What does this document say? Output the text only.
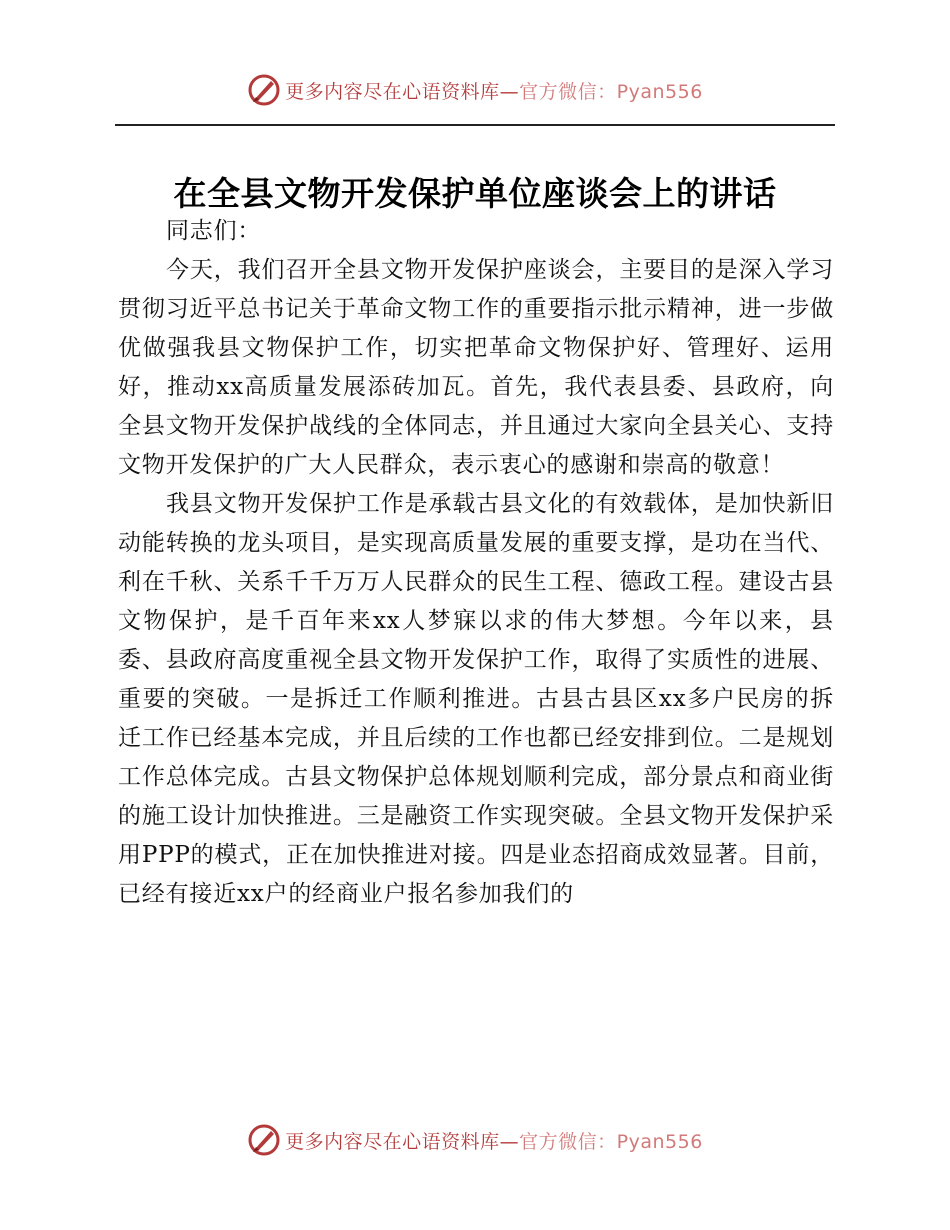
更多内容尽在心语资料库—官方微信：Pyan556
在全县文物开发保护单位座谈会上的讲话

同志们：

今天，我们召开全县文物开发保护座谈会，主要目的是深入学习贯彻习近平总书记关于革命文物工作的重要指示批示精神，进一步做优做强我县文物保护工作，切实把革命文物保护好、管理好、运用好，推动xx高质量发展添砖加瓦。首先，我代表县委、县政府，向全县文物开发保护战线的全体同志，并且通过大家向全县关心、支持文物开发保护的广大人民群众，表示衷心的感谢和崇高的敬意！

我县文物开发保护工作是承载古县文化的有效载体，是加快新旧动能转换的龙头项目，是实现高质量发展的重要支撑，是功在当代、利在千秋、关系千千万万人民群众的民生工程、德政工程。建设古县文物保护，是千百年来xx人梦寐以求的伟大梦想。今年以来，县委、县政府高度重视全县文物开发保护工作，取得了实质性的进展、重要的突破。一是拆迁工作顺利推进。古县古县区xx多户民房的拆迁工作已经基本完成，并且后续的工作也都已经安排到位。二是规划工作总体完成。古县文物保护总体规划顺利完成，部分景点和商业街的施工设计加快推进。三是融资工作实现突破。全县文物开发保护采用PPP的模式，正在加快推进对接。四是业态招商成效显著。目前，已经有接近xx户的经商业户报名参加我们的

更多内容尽在心语资料库—官方微信：Pyan556
